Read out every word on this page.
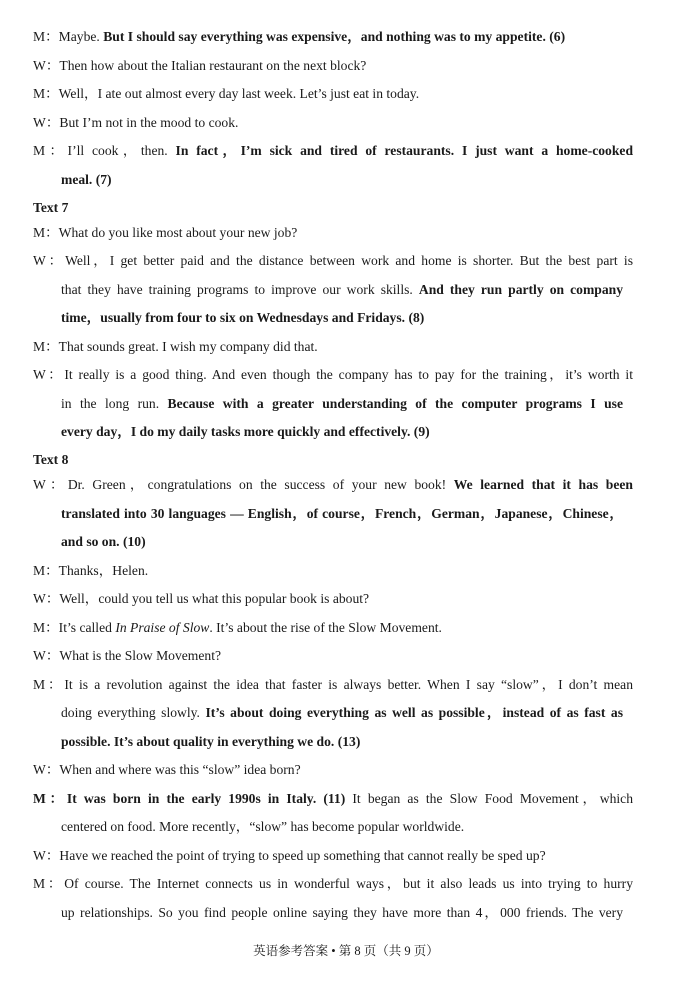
M：Maybe. But I should say everything was expensive，and nothing was to my appetite. (6)
W：Then how about the Italian restaurant on the next block?
M：Well，I ate out almost every day last week. Let’s just eat in today.
W：But I’m not in the mood to cook.
M：I’ll cook，then. In fact，I’m sick and tired of restaurants. I just want a home-cooked
meal. (7)
Text 7
M：What do you like most about your new job?
W：Well，I get better paid and the distance between work and home is shorter. But the best part is
that they have training programs to improve our work skills. And they run partly on company
time，usually from four to six on Wednesdays and Fridays. (8)
M：That sounds great. I wish my company did that.
W：It really is a good thing. And even though the company has to pay for the training，it’s worth it
in the long run. Because with a greater understanding of the computer programs I use
every day，I do my daily tasks more quickly and effectively. (9)
Text 8
W：Dr. Green，congratulations on the success of your new book! We learned that it has been
translated into 30 languages — English，of course，French，German，Japanese，Chinese，
and so on. (10)
M：Thanks，Helen.
W：Well，could you tell us what this popular book is about?
M：It’s called In Praise of Slow. It’s about the rise of the Slow Movement.
W：What is the Slow Movement?
M：It is a revolution against the idea that faster is always better. When I say “slow”，I don’t mean
doing everything slowly. It’s about doing everything as well as possible，instead of as fast as
possible. It’s about quality in everything we do. (13)
W：When and where was this “slow” idea born?
M：It was born in the early 1990s in Italy. (11) It began as the Slow Food Movement，which
centered on food. More recently，“slow” has become popular worldwide.
W：Have we reached the point of trying to speed up something that cannot really be sped up?
M：Of course. The Internet connects us in wonderful ways，but it also leads us into trying to hurry
up relationships. So you find people online saying they have more than 4，000 friends. The very
英语参考答案 • 第 8 页（共 9 页）
